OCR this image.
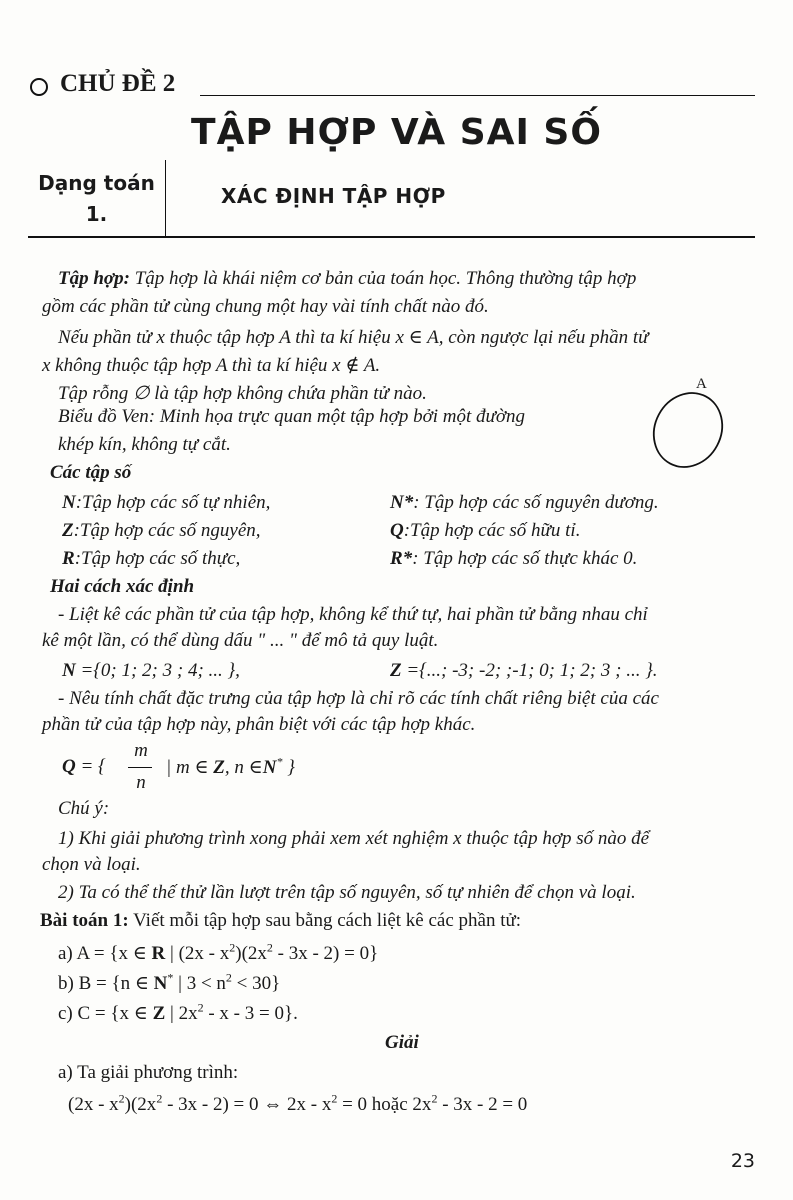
CHỦ ĐỀ 2
TẬP HỢP VÀ SAI SỐ
Dạng toán
1.
XÁC ĐỊNH TẬP HỢP
Tập hợp: Tập hợp là khái niệm cơ bản của toán học. Thông thường tập hợp
gồm các phần tử cùng chung một hay vài tính chất nào đó.
Nếu phần tử x thuộc tập hợp A thì ta kí hiệu x ∈ A, còn ngược lại nếu phần tử
x không thuộc tập hợp A thì ta kí hiệu x ∉ A.
Tập rỗng ∅ là tập hợp không chứa phần tử nào.
Biểu đồ Ven: Minh họa trực quan một tập hợp bởi một đường
khép kín, không tự cắt.
A
Các tập số
N:Tập hợp các số tự nhiên,	N*: Tập hợp các số nguyên dương.
Z:Tập hợp các số nguyên,	Q:Tập hợp các số hữu tỉ.
R:Tập hợp các số thực,	R*: Tập hợp các số thực khác 0.
Hai cách xác định
- Liệt kê các phần tử của tập hợp, không kể thứ tự, hai phần tử bằng nhau chỉ
kê một lần, có thể dùng dấu " ... " để mô tả quy luật.
N ={0; 1; 2; 3 ; 4; ... },	Z ={...; -3; -2; ;-1; 0; 1; 2; 3 ; ... }.
- Nêu tính chất đặc trưng của tập hợp là chỉ rõ các tính chất riêng biệt của các
phần tử của tập hợp này, phân biệt với các tập hợp khác.
Q = {
m
n
| m ∈ Z, n ∈N* }
Chú ý:
1) Khi giải phương trình xong phải xem xét nghiệm x thuộc tập hợp số nào để
chọn và loại.
2) Ta có thể thế thử lần lượt trên tập số nguyên, số tự nhiên để chọn và loại.
Bài toán 1: Viết mỗi tập hợp sau bằng cách liệt kê các phần tử:
a) A = {x ∈ R | $(2x - x^2)(2x^2 - 3x - 2) = 0$}
b) B = {n ∈ N* | $3 < n^2 < 30$}
c) C = {x ∈ Z | $2x^2 - x - 3 = 0$}.
Giải
a) Ta giải phương trình:
$(2x - x^2)(2x^2 - 3x - 2) = 0$ ⇔ $2x - x^2 = 0$ hoặc $2x^2 - 3x - 2 = 0$
23
